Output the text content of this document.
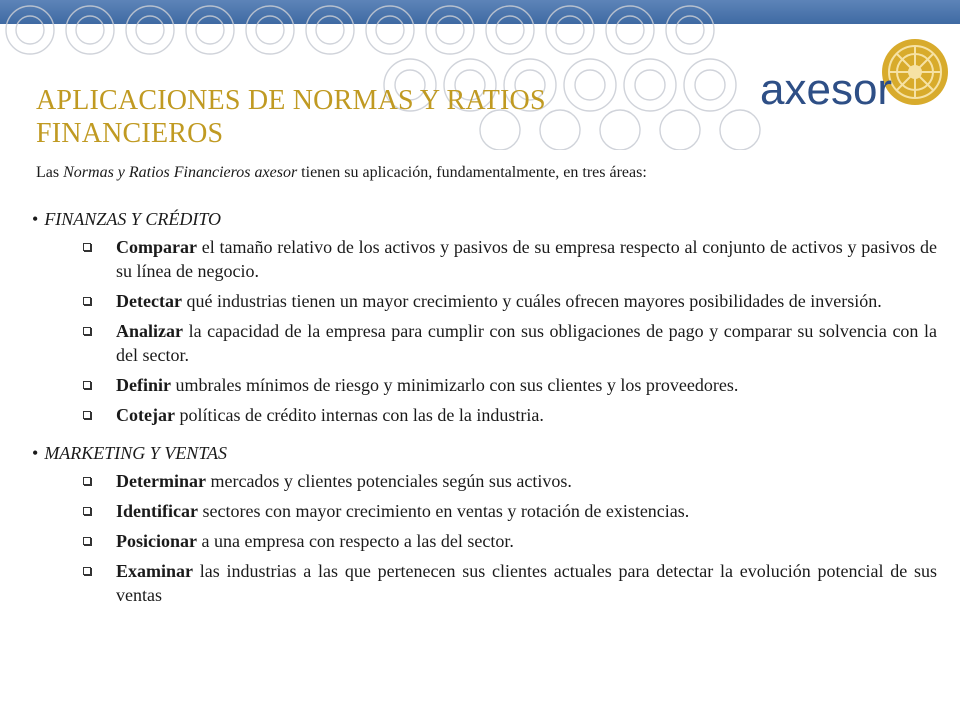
axesor
APLICACIONES DE NORMAS Y RATIOS
FINANCIEROS
Las Normas y Ratios Financieros axesor tienen su aplicación, fundamentalmente, en tres áreas:
• FINANZAS Y CRÉDITO
Comparar el tamaño relativo de los activos y pasivos de su empresa respecto al conjunto de activos y pasivos de su línea de negocio.
Detectar qué industrias tienen un mayor crecimiento y cuáles ofrecen mayores posibilidades de inversión.
Analizar la capacidad de la empresa para cumplir con sus obligaciones de pago y comparar su solvencia con la del sector.
Definir umbrales mínimos de riesgo y minimizarlo con sus clientes y los proveedores.
Cotejar políticas de crédito internas con las de la industria.
• MARKETING Y VENTAS
Determinar mercados y clientes potenciales según sus activos.
Identificar sectores con mayor crecimiento en ventas y rotación de existencias.
Posicionar a una empresa con respecto a las del sector.
Examinar las industrias a las que pertenecen sus clientes actuales para detectar la evolución potencial de sus ventas
